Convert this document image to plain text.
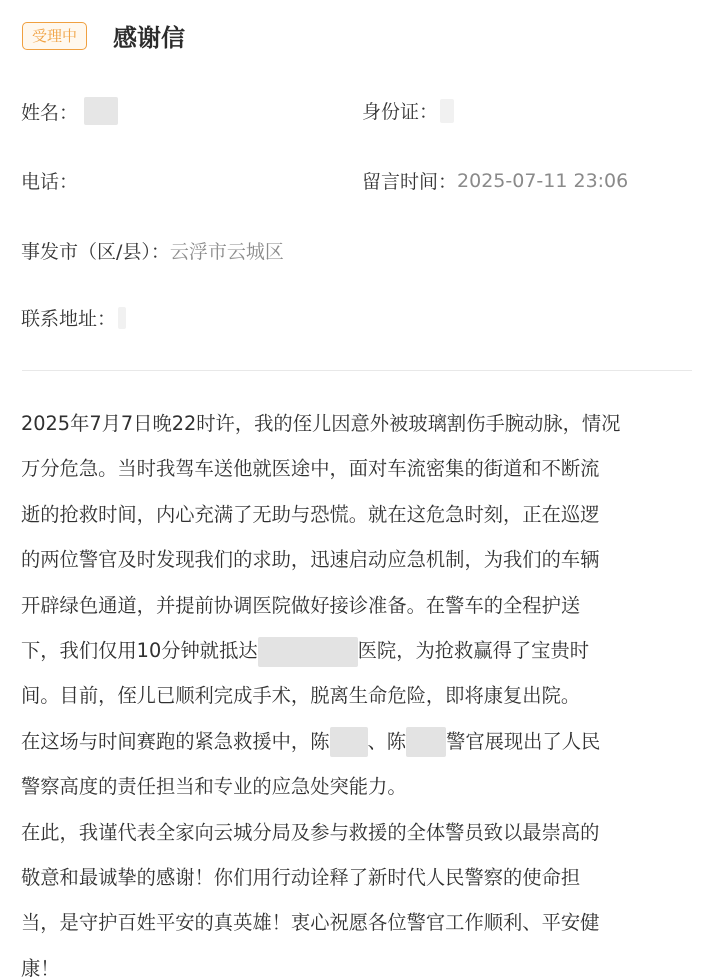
受理中	感谢信
姓名：	身份证：
电话：	留言时间： 2025-07-11 23:06
事发市（区/县）： 云浮市云城区
联系地址：
2025年7月7日晚22时许，我的侄儿因意外被玻璃割伤手腕动脉，情况
万分危急。当时我驾车送他就医途中，面对车流密集的街道和不断流
逝的抢救时间，内心充满了无助与恐慌。就在这危急时刻，正在巡逻
的两位警官及时发现我们的求助，迅速启动应急机制，为我们的车辆
开辟绿色通道，并提前协调医院做好接诊准备。在警车的全程护送
下，我们仅用10分钟就抵达	医院，为抢救赢得了宝贵时
间。目前，侄儿已顺利完成手术，脱离生命危险，即将康复出院。
在这场与时间赛跑的紧急救援中，陈 、陈 警官展现出了人民
警察高度的责任担当和专业的应急处突能力。
在此，我谨代表全家向云城分局及参与救援的全体警员致以最崇高的
敬意和最诚挚的感谢！你们用行动诠释了新时代人民警察的使命担
当，是守护百姓平安的真英雄！衷心祝愿各位警官工作顺利、平安健
康！
